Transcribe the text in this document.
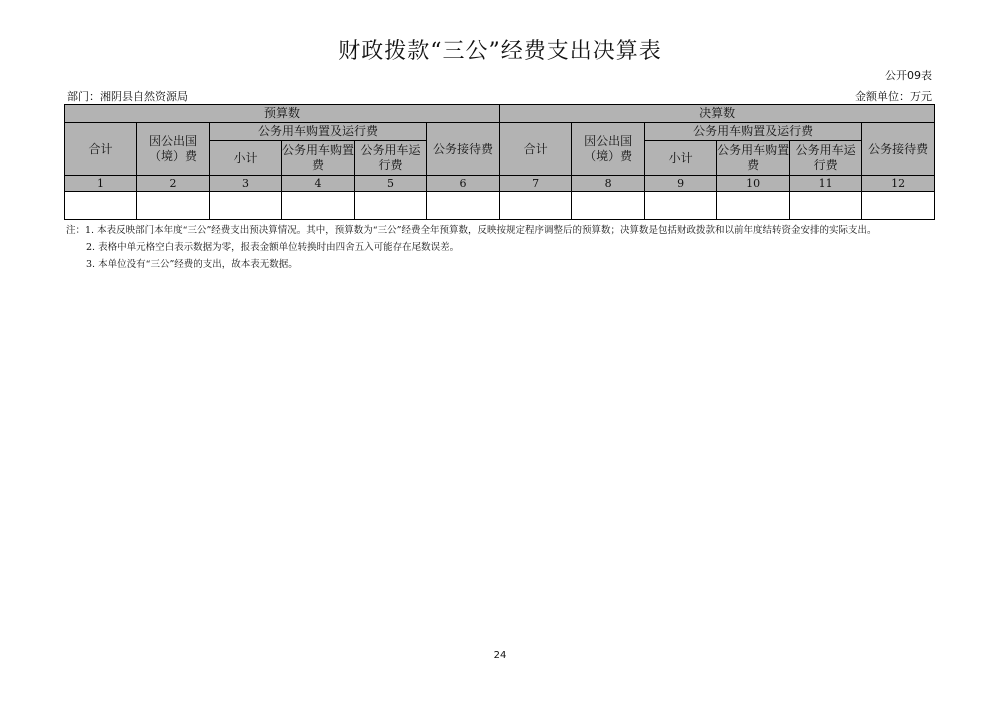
财政拨款“三公”经费支出决算表
公开09表
部门：湘阴县自然资源局	金额单位：万元
预算数						决算数					
合计	因公出国（境）费	公务用车购置及运行费			公务接待费	合计	因公出国（境）费	公务用车购置及运行费			公务接待费
		小计	公务用车购置费	公务用车运行费				小计	公务用车购置费	公务用车运行费	
1	2	3	4	5	6	7	8	9	10	11	12

注：1. 本表反映部门本年度“三公”经费支出预决算情况。其中，预算数为“三公”经费全年预算数，反映按规定程序调整后的预算数；决算数是包括财政拨款和以前年度结转资金安排的实际支出。

2. 表格中单元格空白表示数据为零，报表金额单位转换时由四舍五入可能存在尾数误差。

3. 本单位没有“三公”经费的支出，故本表无数据。

24
